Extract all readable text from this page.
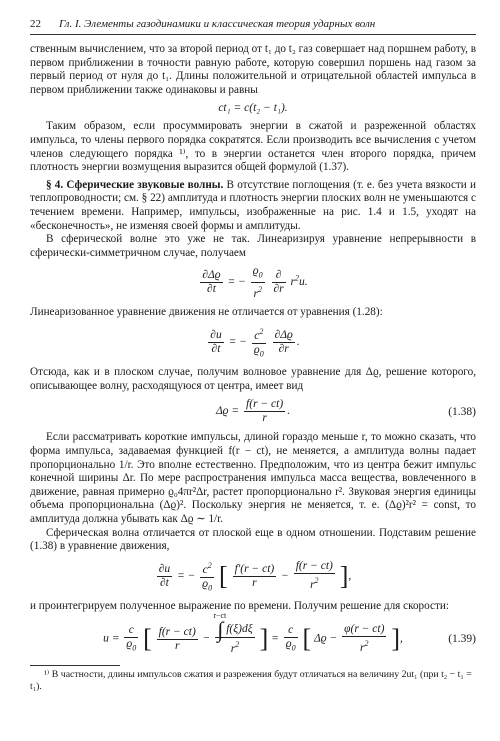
22 Гл. I. Элементы газодинамики и классическая теория ударных волн

ственным вычислением, что за второй период от t₁ до t₂ газ совершает над поршнем работу, в первом приближении в точности равную работе, которую совершил поршень над газом за первый период от нуля до t₁. Длины положительной и отрицательной областей импульса в первом приближении также одинаковы и равны

ct₁ = c(t₂ − t₁).

Таким образом, если просуммировать энергии в сжатой и разреженной областях импульса, то члены первого порядка сократятся. Если производить все вычисления с учетом членов следующего порядка ¹⁾, то в энергии останется член второго порядка, причем плотность энергии возмущения выразится общей формулой (1.37).

§ 4. Сферические звуковые волны. В отсутствие поглощения (т. е. без учета вязкости и теплопроводности; см. § 22) амплитуда и плотность энергии плоских волн не уменьшаются с течением времени. Например, импульсы, изображенные на рис. 1.4 и 1.5, уходят на «бесконечность», не изменяя своей формы и амплитуды.

В сферической волне это уже не так. Линеаризируя уравнение непрерывности в сферически-симметричном случае, получаем

$\frac{\partial\Delta ϱ}{\partial t}$ = − $\frac{ϱ_0}{r^2}$
$\frac{\partial}{\partial r} r^2u$.

Линеаризованное уравнение движения не отличается от уравнения (1.28):

$\frac{\partial u}{\partial t}$ = − $\frac{c^2}{ϱ_0}$
$\frac{\partial\Delta ϱ}{\partial r}$ .

Отсюда, как и в плоском случае, получим волновое уравнение для Δϱ, решение которого, описывающее волну, расходящуюся от центра, имеет вид

$\Delta ϱ = \frac{f(r - ct)}{r}$ .	(1.38)

Если рассматривать короткие импульсы, длиной гораздо меньше r, то можно сказать, что форма импульса, задаваемая функцией f(r − ct), не меняется, а амплитуда волны падает пропорционально 1/r. Это вполне естественно. Предположим, что из центра бежит импульс конечной ширины Δr. По мере распространения импульса масса вещества, вовлеченного в движение, равная примерно ϱ₀4πr²Δr, растет пропорционально r². Звуковая энергия единицы объема пропорциональна (Δϱ)². Поскольку энергия не меняется, т. е. (Δϱ)²r² = const, то амплитуда должна убывать как Δϱ ∼ 1/r.

Сферическая волна отличается от плоской еще в одном отношении. Подставим решение (1.38) в уравнение движения,

$\frac{\partial u}{\partial t}$ = − $\frac{c^2}{ϱ_0}$ [ $\frac{f'(r - ct)}{r} - \frac{f(r - ct)}{r^2}$ ],

и проинтегрируем полученное выражение по времени. Получим решение для скорости:

$u = \frac{c}{ϱ_0}$ [ $\frac{f(r - ct)}{r}$ − ∫
r−ct
f(ξ)dξ
$r^2$ ] = $\frac{c}{ϱ_0}$ [ $\Delta ϱ - \frac{\varphi(r - ct)}{r^2}$ ],	(1.39)
¹⁾ В частности, длины импульсов сжатия и разрежения будут отличаться на величину 2ut₁ (при t₂ − t₁ = t₁).
